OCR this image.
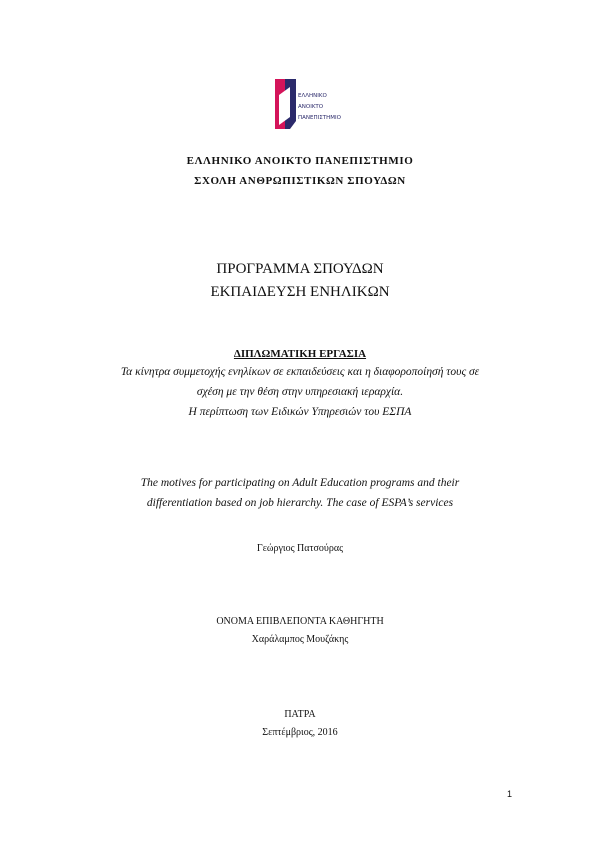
ΕΛΛΗΝΙΚΟ
ΑΝΟΙΚΤΟ
ΠΑΝΕΠΙΣΤΗΜΙΟ
ΕΛΛΗΝΙΚΟ ΑΝΟΙΚΤΟ ΠΑΝΕΠΙΣΤΗΜΙΟ
ΣΧΟΛΗ ΑΝΘΡΩΠΙΣΤΙΚΩΝ ΣΠΟΥΔΩΝ
ΠΡΟΓΡΑΜΜΑ ΣΠΟΥΔΩΝ
ΕΚΠΑΙΔΕΥΣΗ ΕΝΗΛΙΚΩΝ
ΔΙΠΛΩΜΑΤΙΚΗ ΕΡΓΑΣΙΑ
Τα κίνητρα συμμετοχής ενηλίκων σε εκπαιδεύσεις και η διαφοροποίησή τους σε
σχέση με την θέση στην υπηρεσιακή ιεραρχία.
Η περίπτωση των Ειδικών Υπηρεσιών του ΕΣΠΑ
The motives for participating on Adult Education programs and their
differentiation based on job hierarchy. The case of ESPA’s services
Γεώργιος Πατσούρας
ΟΝΟΜΑ ΕΠΙΒΛΕΠΟΝΤΑ ΚΑΘΗΓΗΤΗ
Χαράλαμπος Μουζάκης
ΠΑΤΡΑ
Σεπτέμβριος, 2016
1
